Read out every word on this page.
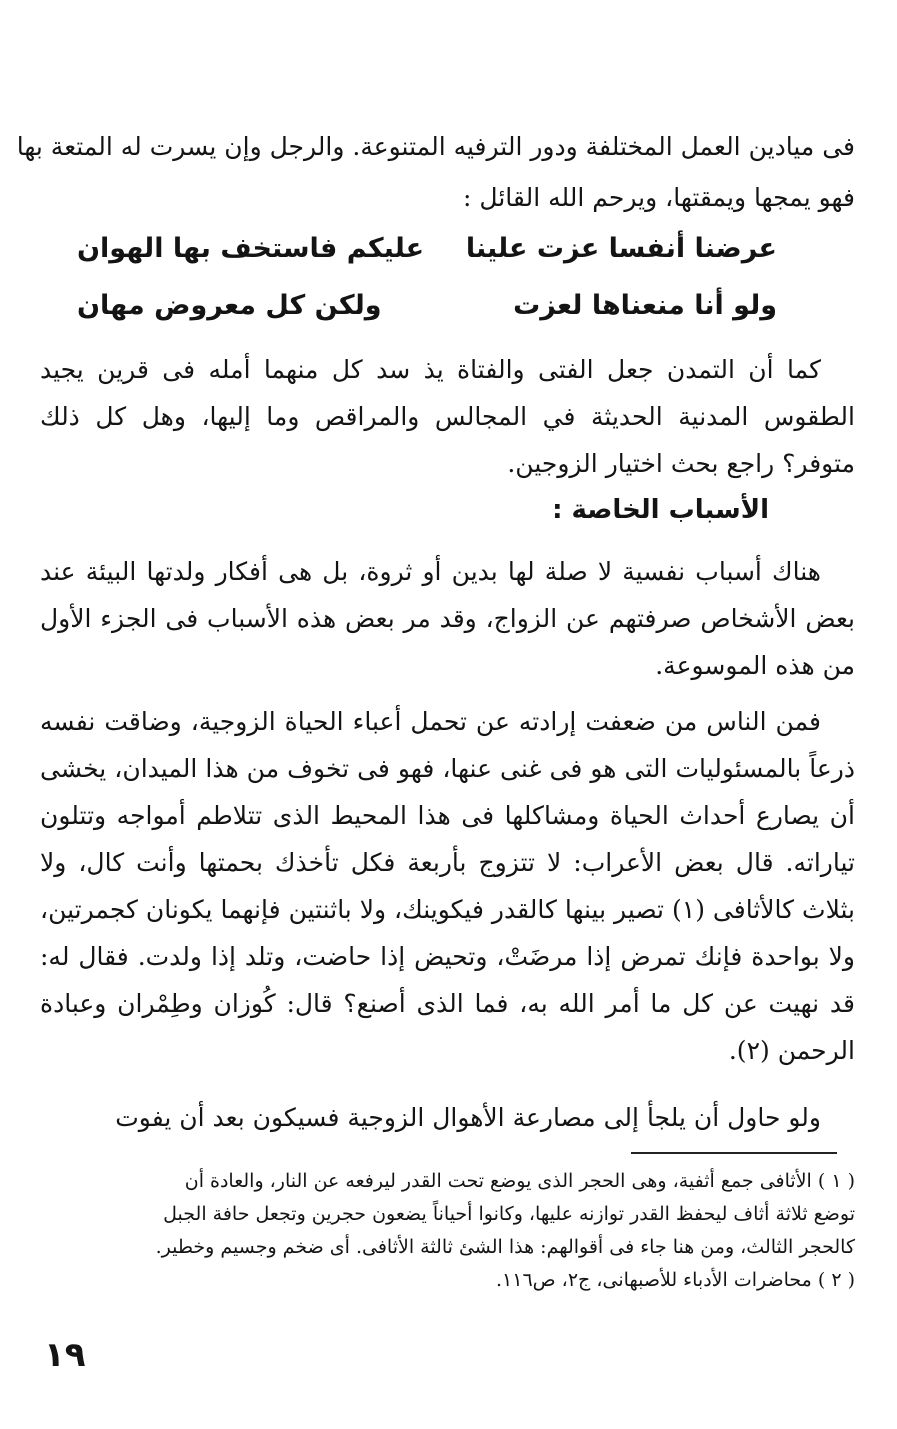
فى ميادين العمل المختلفة ودور الترفيه المتنوعة. والرجل وإن يسرت له المتعة بها
فهو يمجها ويمقتها، ويرحم الله القائل :
عرضنا أنفسا عزت علينا
عليكم فاستخف بها الهوان
ولو أنا منعناها لعزت
ولكن كل معروض مهان
كما أن التمدن جعل الفتى والفتاة يذ سد كل منهما أمله فى قرين يجيد الطقوس المدنية الحديثة في المجالس والمراقص وما إليها، وهل كل ذلك متوفر؟ راجع بحث اختيار الزوجين.
الأسباب الخاصة :
هناك أسباب نفسية لا صلة لها بدين أو ثروة، بل هى أفكار ولدتها البيئة عند بعض الأشخاص صرفتهم عن الزواج، وقد مر بعض هذه الأسباب فى الجزء الأول من هذه الموسوعة.
فمن الناس من ضعفت إرادته عن تحمل أعباء الحياة الزوجية، وضاقت نفسه ذرعاً بالمسئوليات التى هو فى غنى عنها، فهو فى تخوف من هذا الميدان، يخشى أن يصارع أحداث الحياة ومشاكلها فى هذا المحيط الذى تتلاطم أمواجه وتتلون تياراته. قال بعض الأعراب: لا تتزوج بأربعة فكل تأخذك بحمتها وأنت كال، ولا بثلاث كالأثافى (١) تصير بينها كالقدر فيكوينك، ولا باثنتين فإنهما يكونان كجمرتين، ولا بواحدة فإنك تمرض إذا مرضَتْ، وتحيض إذا حاضت، وتلد إذا ولدت. فقال له: قد نهيت عن كل ما أمر الله به، فما الذى أصنع؟ قال: كُوزان وطِمْران وعبادة الرحمن (٢).
ولو حاول أن يلجأ إلى مصارعة الأهوال الزوجية فسيكون بعد أن يفوت
( ١ ) الأثافى جمع أثفية، وهى الحجر الذى يوضع تحت القدر ليرفعه عن النار، والعادة أن
توضع ثلاثة أثاف ليحفظ القدر توازنه عليها، وكانوا أحياناً يضعون حجرين وتجعل حافة الجبل
كالحجر الثالث، ومن هنا جاء فى أقوالهم: هذا الشئ ثالثة الأثافى. أى ضخم وجسيم وخطير.
( ٢ ) محاضرات الأدباء للأصبهانى، ج٢، ص١١٦.
١٩
